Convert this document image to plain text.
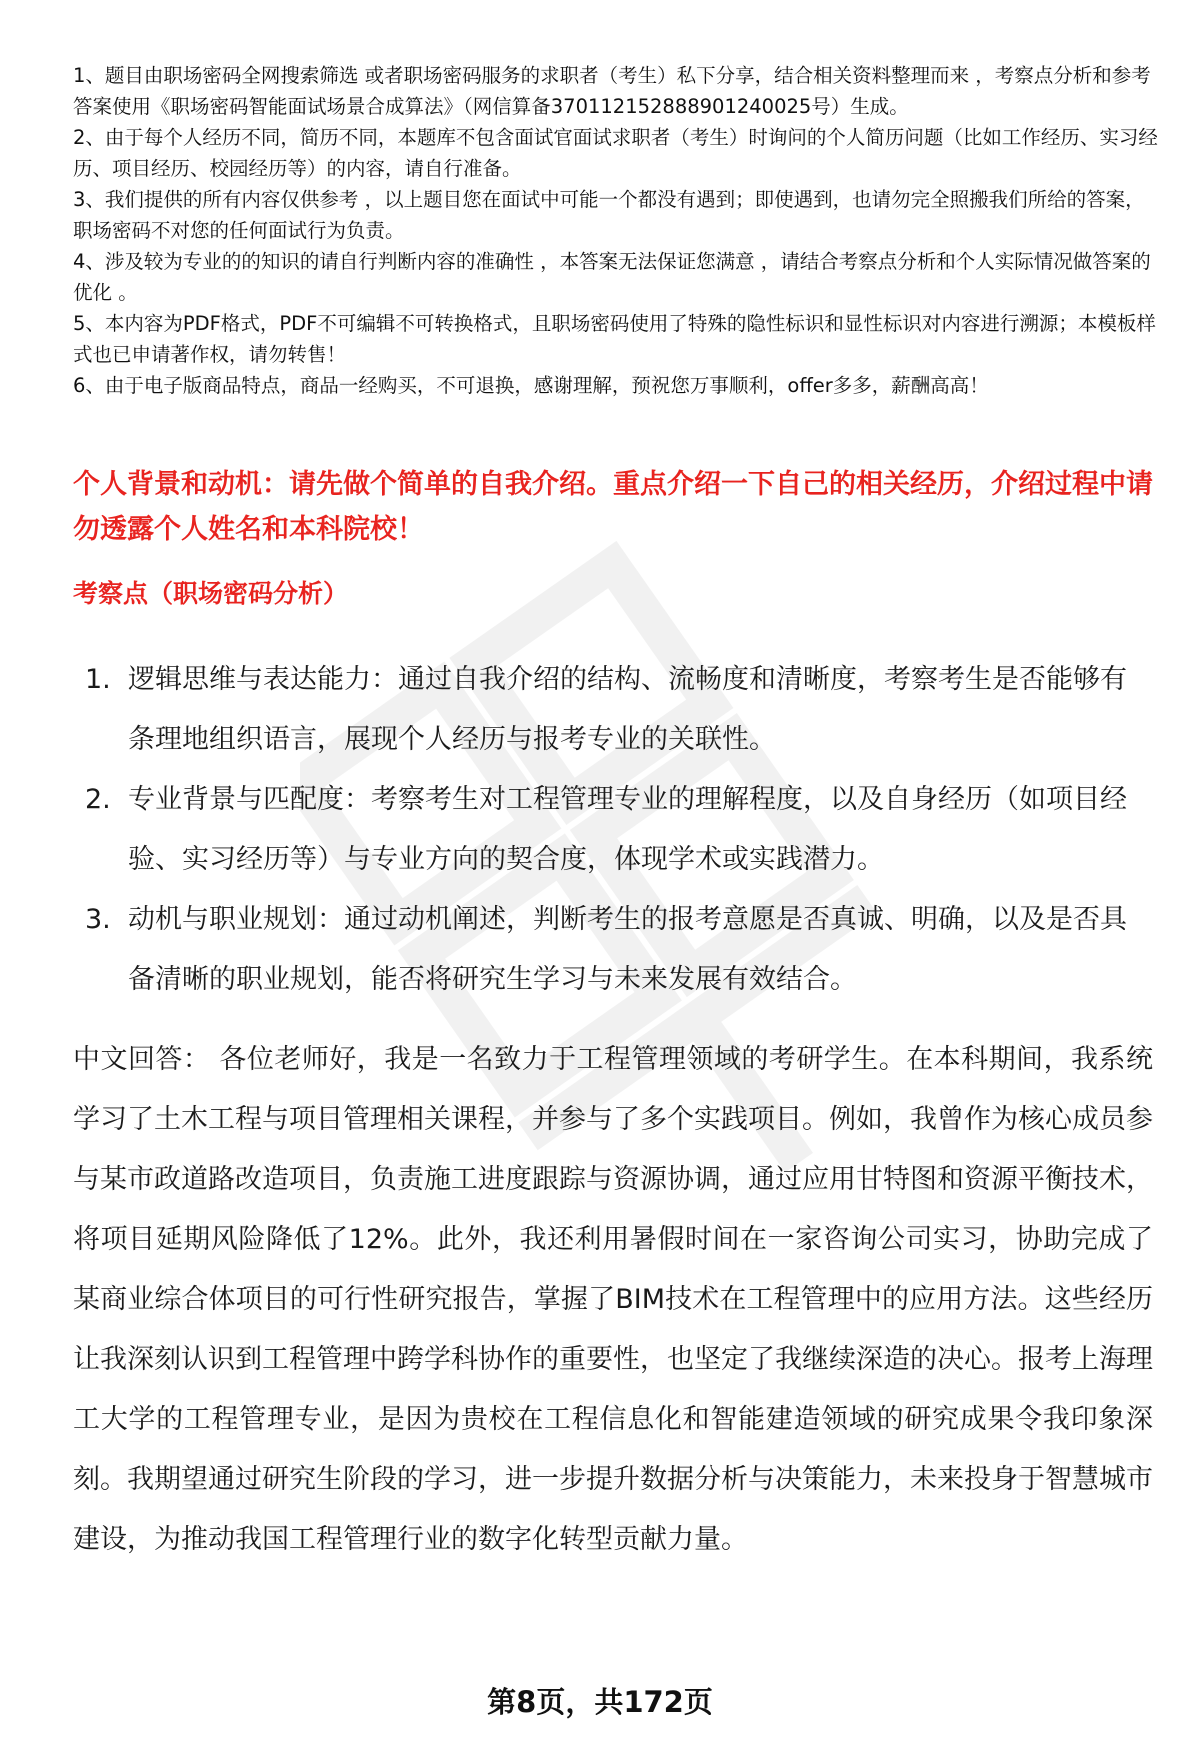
1、题目由职场密码全网搜索筛选 或者职场密码服务的求职者（考生）私下分享，结合相关资料整理而来 ，考察点分析和参考答案使用《职场密码智能面试场景合成算法》（网信算备370112152888901240025号）生成。

2、由于每个人经历不同，简历不同，本题库不包含面试官面试求职者（考生）时询问的个人简历问题（比如工作经历、实习经历、项目经历、校园经历等）的内容，请自行准备。

3、我们提供的所有内容仅供参考 ，以上题目您在面试中可能一个都没有遇到；即使遇到，也请勿完全照搬我们所给的答案，职场密码不对您的任何面试行为负责。

4、涉及较为专业的的知识的请自行判断内容的准确性 ，本答案无法保证您满意 ，请结合考察点分析和个人实际情况做答案的优化 。

5、本内容为PDF格式，PDF不可编辑不可转换格式，且职场密码使用了特殊的隐性标识和显性标识对内容进行溯源；本模板样式也已申请著作权，请勿转售！

6、由于电子版商品特点，商品一经购买，不可退换，感谢理解，预祝您万事顺利，offer多多，薪酬高高！

个人背景和动机：请先做个简单的自我介绍。重点介绍一下自己的相关经历，介绍过程中请勿透露个人姓名和本科院校！
考察点（职场密码分析）
1. 逻辑思维与表达能力：通过自我介绍的结构、流畅度和清晰度，考察考生是否能够有条理地组织语言，展现个人经历与报考专业的关联性。
2. 专业背景与匹配度：考察考生对工程管理专业的理解程度，以及自身经历（如项目经验、实习经历等）与专业方向的契合度，体现学术或实践潜力。
3. 动机与职业规划：通过动机阐述，判断考生的报考意愿是否真诚、明确，以及是否具备清晰的职业规划，能否将研究生学习与未来发展有效结合。

中文回答： 各位老师好，我是一名致力于工程管理领域的考研学生。在本科期间，我系统学习了土木工程与项目管理相关课程，并参与了多个实践项目。例如，我曾作为核心成员参与某市政道路改造项目，负责施工进度跟踪与资源协调，通过应用甘特图和资源平衡技术，将项目延期风险降低了12%。此外，我还利用暑假时间在一家咨询公司实习，协助完成了某商业综合体项目的可行性研究报告，掌握了BIM技术在工程管理中的应用方法。这些经历让我深刻认识到工程管理中跨学科协作的重要性，也坚定了我继续深造的决心。报考上海理工大学的工程管理专业，是因为贵校在工程信息化和智能建造领域的研究成果令我印象深刻。我期望通过研究生阶段的学习，进一步提升数据分析与决策能力，未来投身于智慧城市建设，为推动我国工程管理行业的数字化转型贡献力量。

第8页，共172页
